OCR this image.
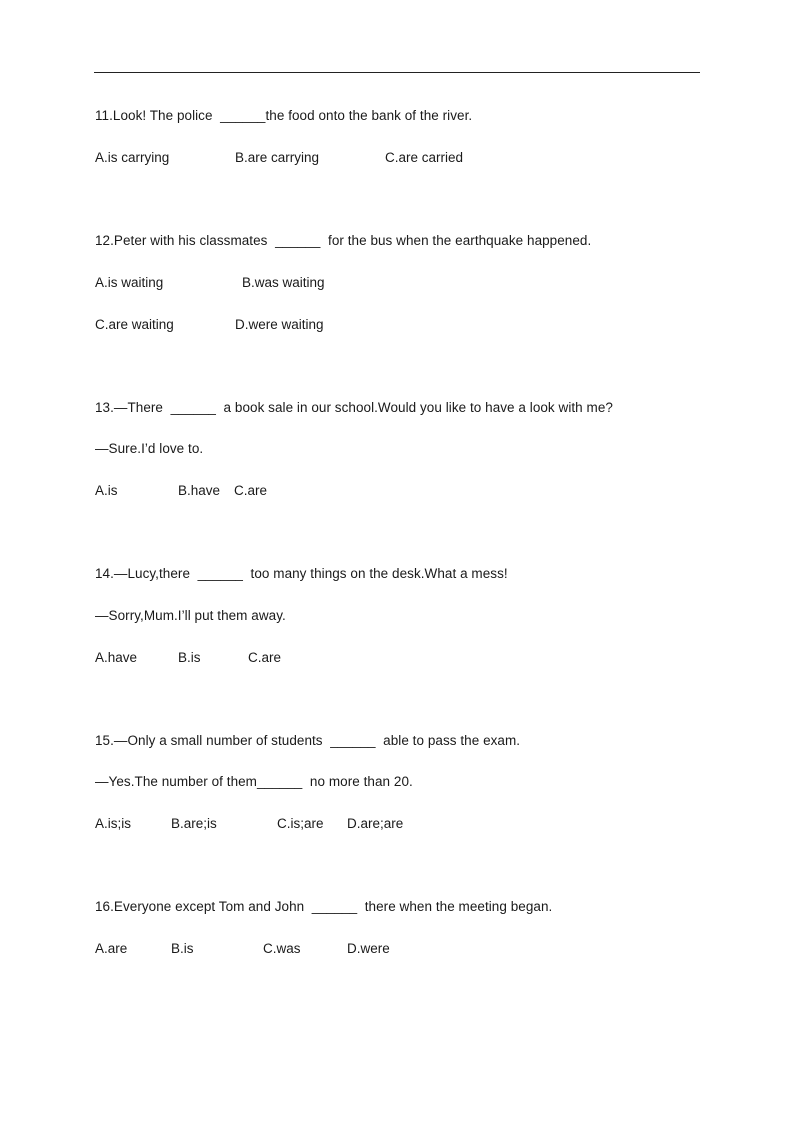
11.Look! The police  ______the food onto the bank of the river.
A.is carrying	B.are carrying	C.are carried
12.Peter with his classmates  ______  for the bus when the earthquake happened.
A.is waiting	B.was waiting
C.are waiting	D.were waiting
13.—There  ______  a book sale in our school.Would you like to have a look with me?
—Sure.I’d love to.
A.is	B.have C.are
14.—Lucy,there  ______  too many things on the desk.What a mess!
—Sorry,Mum.I’ll put them away.
A.have	B.is	C.are
15.—Only a small number of students  ______  able to pass the exam.
—Yes.The number of them______  no more than 20.
A.is;is	B.are;is	C.is;are D.are;are
16.Everyone except Tom and John  ______  there when the meeting began.
A.are	B.is	C.was	D.were
